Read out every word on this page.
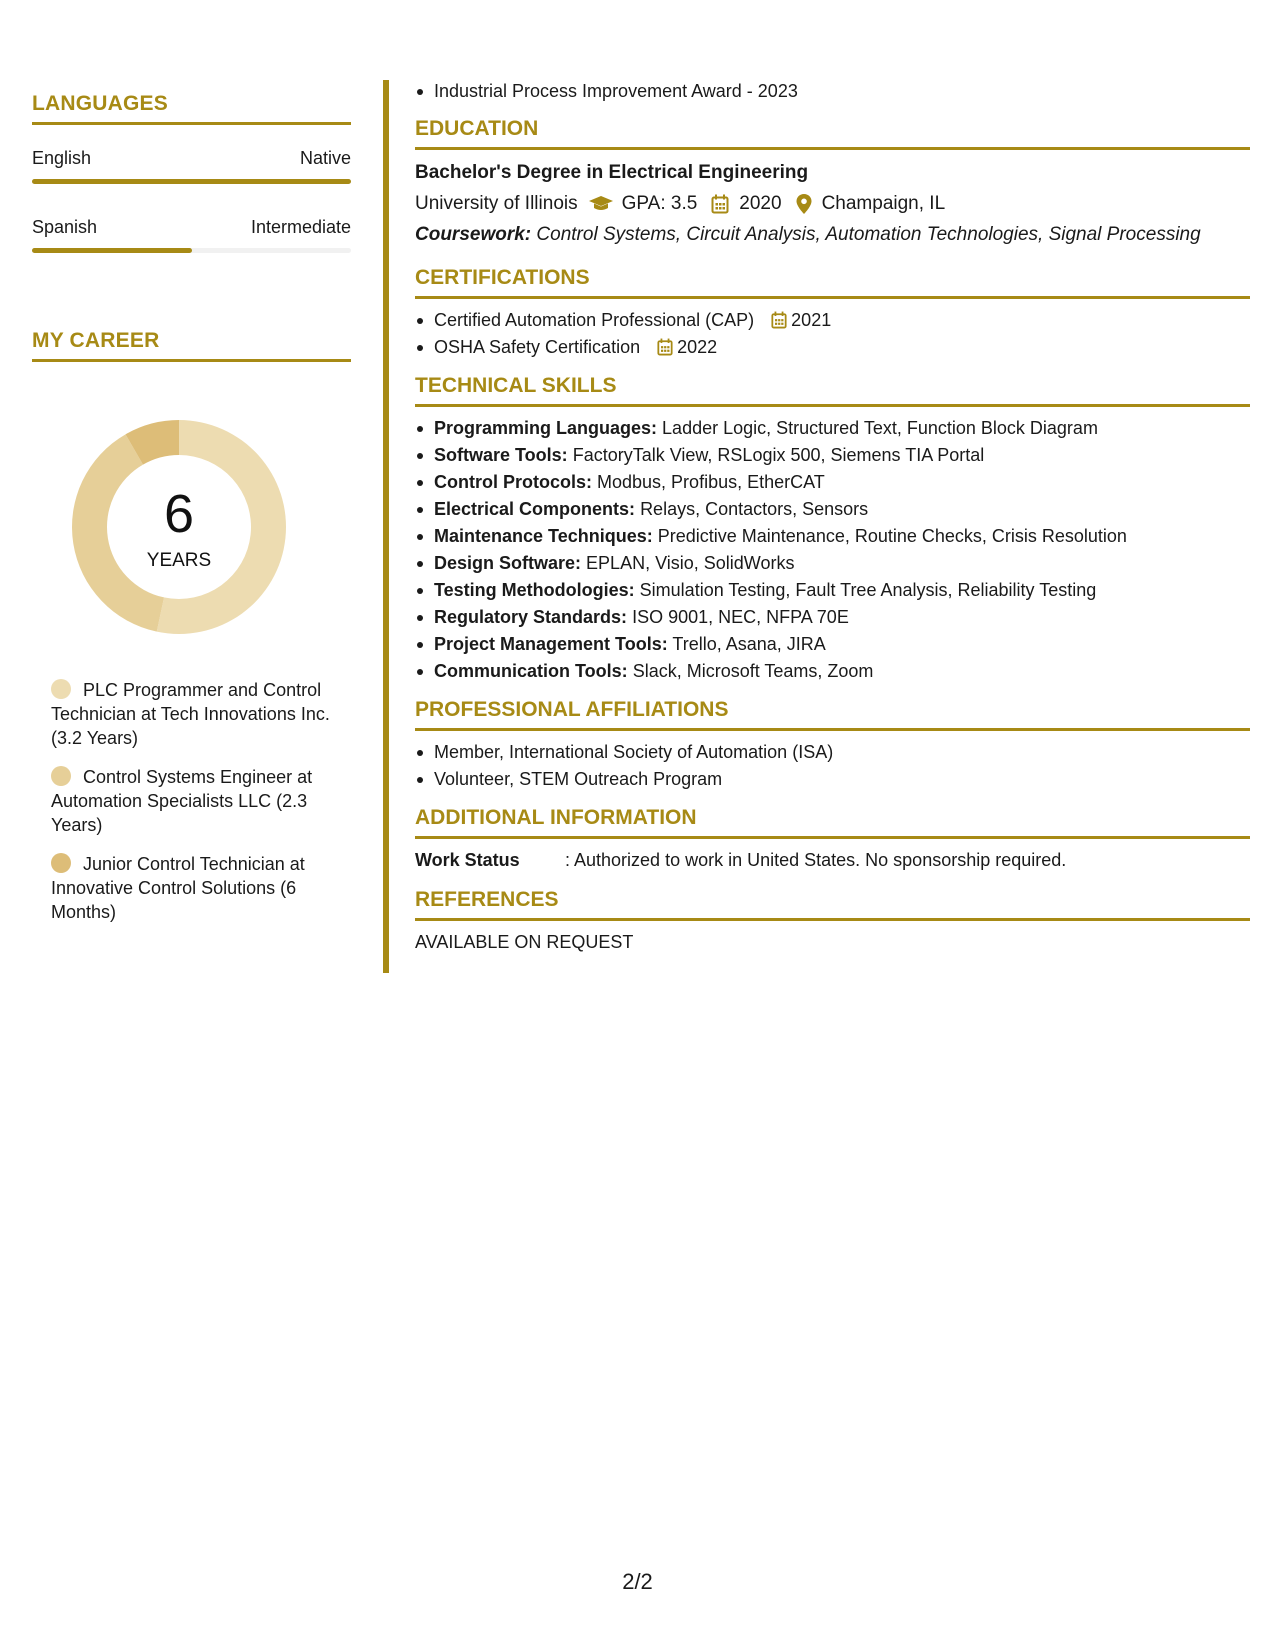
LANGUAGES
English	Native
Spanish	Intermediate
MY CAREER
6
YEARS
PLC Programmer and Control Technician at Tech Innovations Inc. (3.2 Years)
Control Systems Engineer at Automation Specialists LLC (2.3 Years)
Junior Control Technician at Innovative Control Solutions (6 Months)
Industrial Process Improvement Award - 2023
EDUCATION
Bachelor's Degree in Electrical Engineering
University of Illinois GPA: 3.5 2020 Champaign, IL
Coursework: Control Systems, Circuit Analysis, Automation Technologies, Signal Processing
CERTIFICATIONS
Certified Automation Professional (CAP) 2021
OSHA Safety Certification 2022
TECHNICAL SKILLS
Programming Languages: Ladder Logic, Structured Text, Function Block Diagram
Software Tools: FactoryTalk View, RSLogix 500, Siemens TIA Portal
Control Protocols: Modbus, Profibus, EtherCAT
Electrical Components: Relays, Contactors, Sensors
Maintenance Techniques: Predictive Maintenance, Routine Checks, Crisis Resolution
Design Software: EPLAN, Visio, SolidWorks
Testing Methodologies: Simulation Testing, Fault Tree Analysis, Reliability Testing
Regulatory Standards: ISO 9001, NEC, NFPA 70E
Project Management Tools: Trello, Asana, JIRA
Communication Tools: Slack, Microsoft Teams, Zoom
PROFESSIONAL AFFILIATIONS
Member, International Society of Automation (ISA)
Volunteer, STEM Outreach Program
ADDITIONAL INFORMATION
Work Status	: Authorized to work in United States. No sponsorship required.
REFERENCES
AVAILABLE ON REQUEST
2/2
